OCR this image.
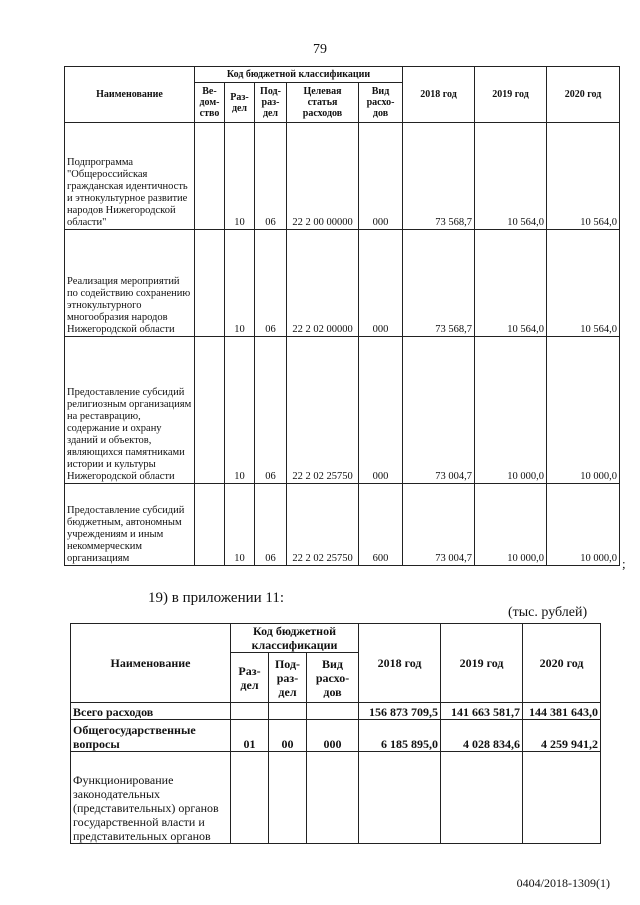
79
Наименование	Код бюджетной классификации					2018 год	2019 год	2020 год
	Ве-
дом-
ство	Раз-
дел	Под-
раз-
дел	Целевая
статья
расходов	Вид
расхо-
дов			
Подпрограмма "Общероссийская гражданская идентичность и этнокультурное развитие народов Нижегородской области"		10	06	22 2 00 00000	000	73 568,7	10 564,0	10 564,0
Реализация мероприятий по содействию сохранению этнокультурного многообразия народов Нижегородской области		10	06	22 2 02 00000	000	73 568,7	10 564,0	10 564,0
Предоставление субсидий религиозным организациям на реставрацию, содержание и охрану зданий и объектов, являющихся памятниками истории и культуры Нижегородской области		10	06	22 2 02 25750	000	73 004,7	10 000,0	10 000,0
Предоставление субсидий бюджетным, автономным учреждениям и иным некоммерческим организациям		10	06	22 2 02 25750	600	73 004,7	10 000,0	10 000,0 ;
19) в приложении 11:
(тыс. рублей)
Наименование	Код бюджетной классификации			2018 год	2019 год	2020 год
	Раз-
дел	Под-
раз-
дел	Вид
расхо-
дов			
Всего расходов				156 873 709,5	141 663 581,7	144 381 643,0
Общегосударственные вопросы	01	00	000	6 185 895,0	4 028 834,6	4 259 941,2
Функционирование законодательных (представительных) органов государственной власти и представительных органов						
0404/2018-1309(1)
